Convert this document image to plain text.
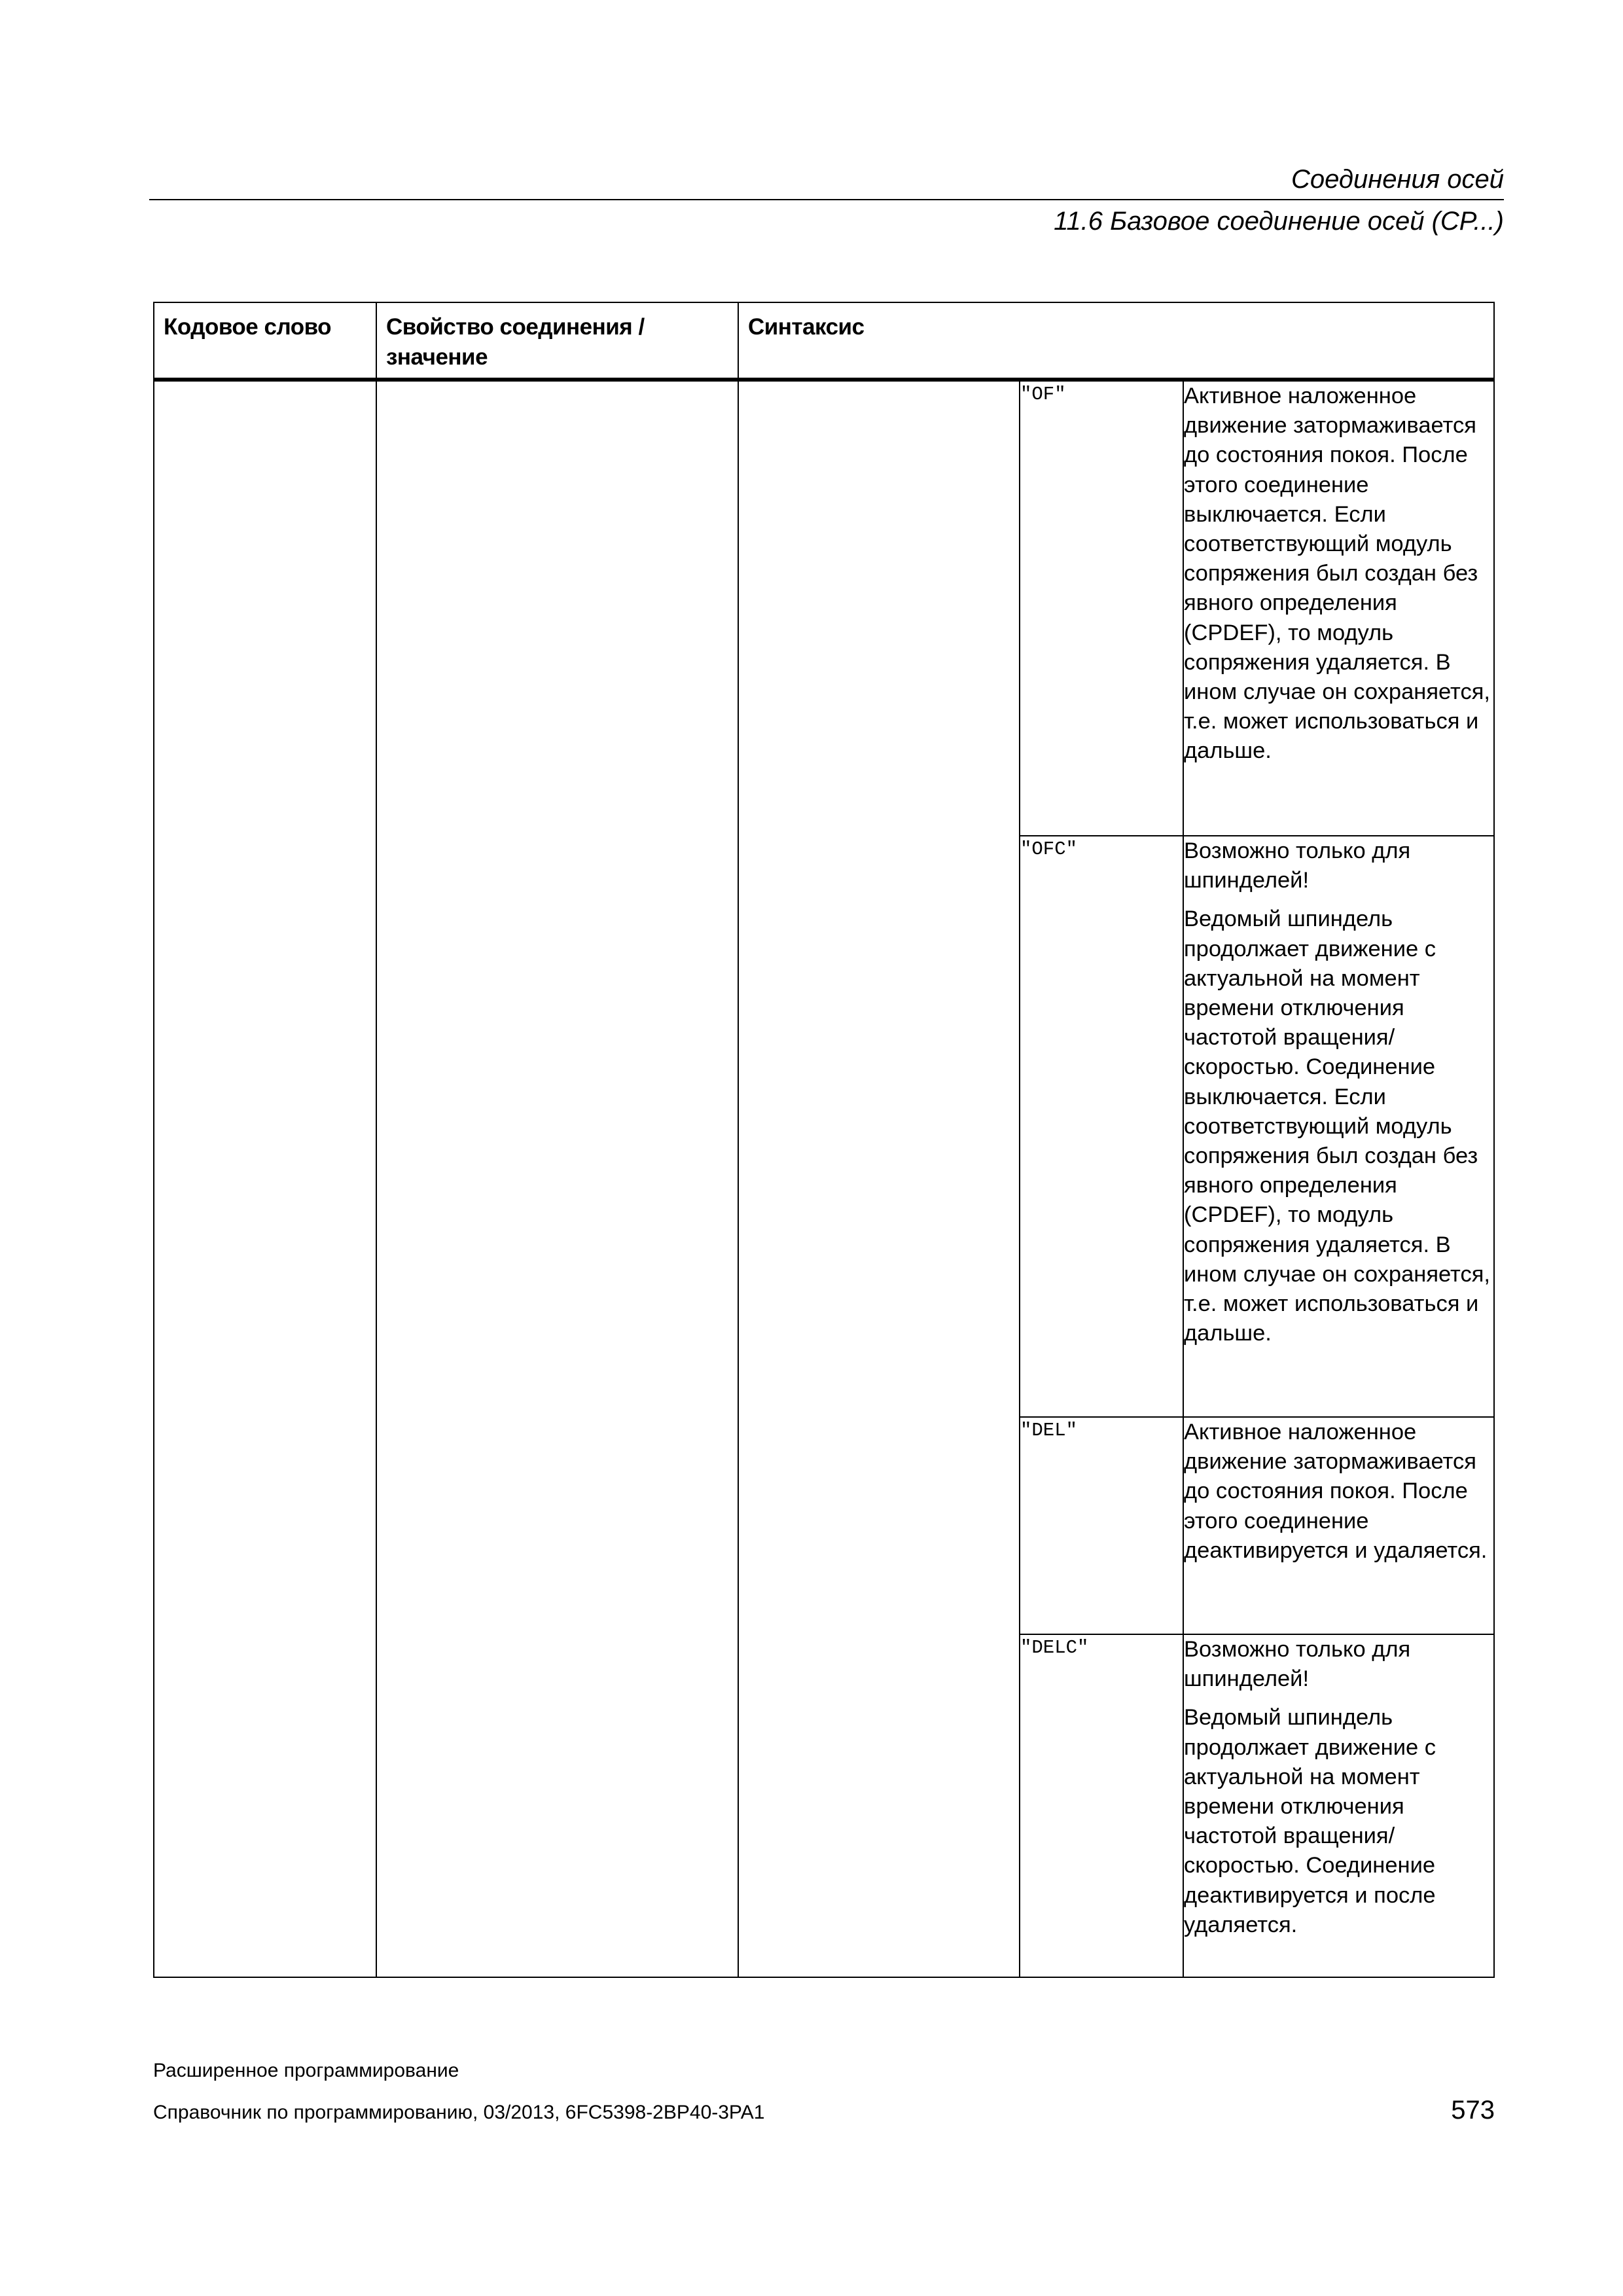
Соединения осей
11.6 Базовое соединение осей (CP...)
Кодовое слово	Свойство соединения / значение	Синтаксис		
			"OF"	Активное наложенное движение затормаживается до состояния покоя. После этого соединение выключается. Если соответствующий модуль сопряжения был создан без явного определения (CPDEF), то модуль сопряжения удаляется. В ином случае он сохраняется, т.е. может использоваться и дальше.

			"OFC"	Возможно только для шпинделей!

Ведомый шпиндель продолжает движение с актуальной на момент времени отключения частотой вращения/скоростью. Соединение выключается. Если соответствующий модуль сопряжения был создан без явного определения (CPDEF), то модуль сопряжения удаляется. В ином случае он сохраняется, т.е. может использоваться и дальше.

			"DEL"	Активное наложенное движение затормаживается до состояния покоя. После этого соединение деактивируется и удаляется.

			"DELC"	Возможно только для шпинделей!

Ведомый шпиндель продолжает движение с актуальной на момент времени отключения частотой вращения/скоростью. Соединение деактивируется и после удаляется.

Расширенное программирование
Справочник по программированию, 03/2013, 6FC5398-2BP40-3PA1	573
